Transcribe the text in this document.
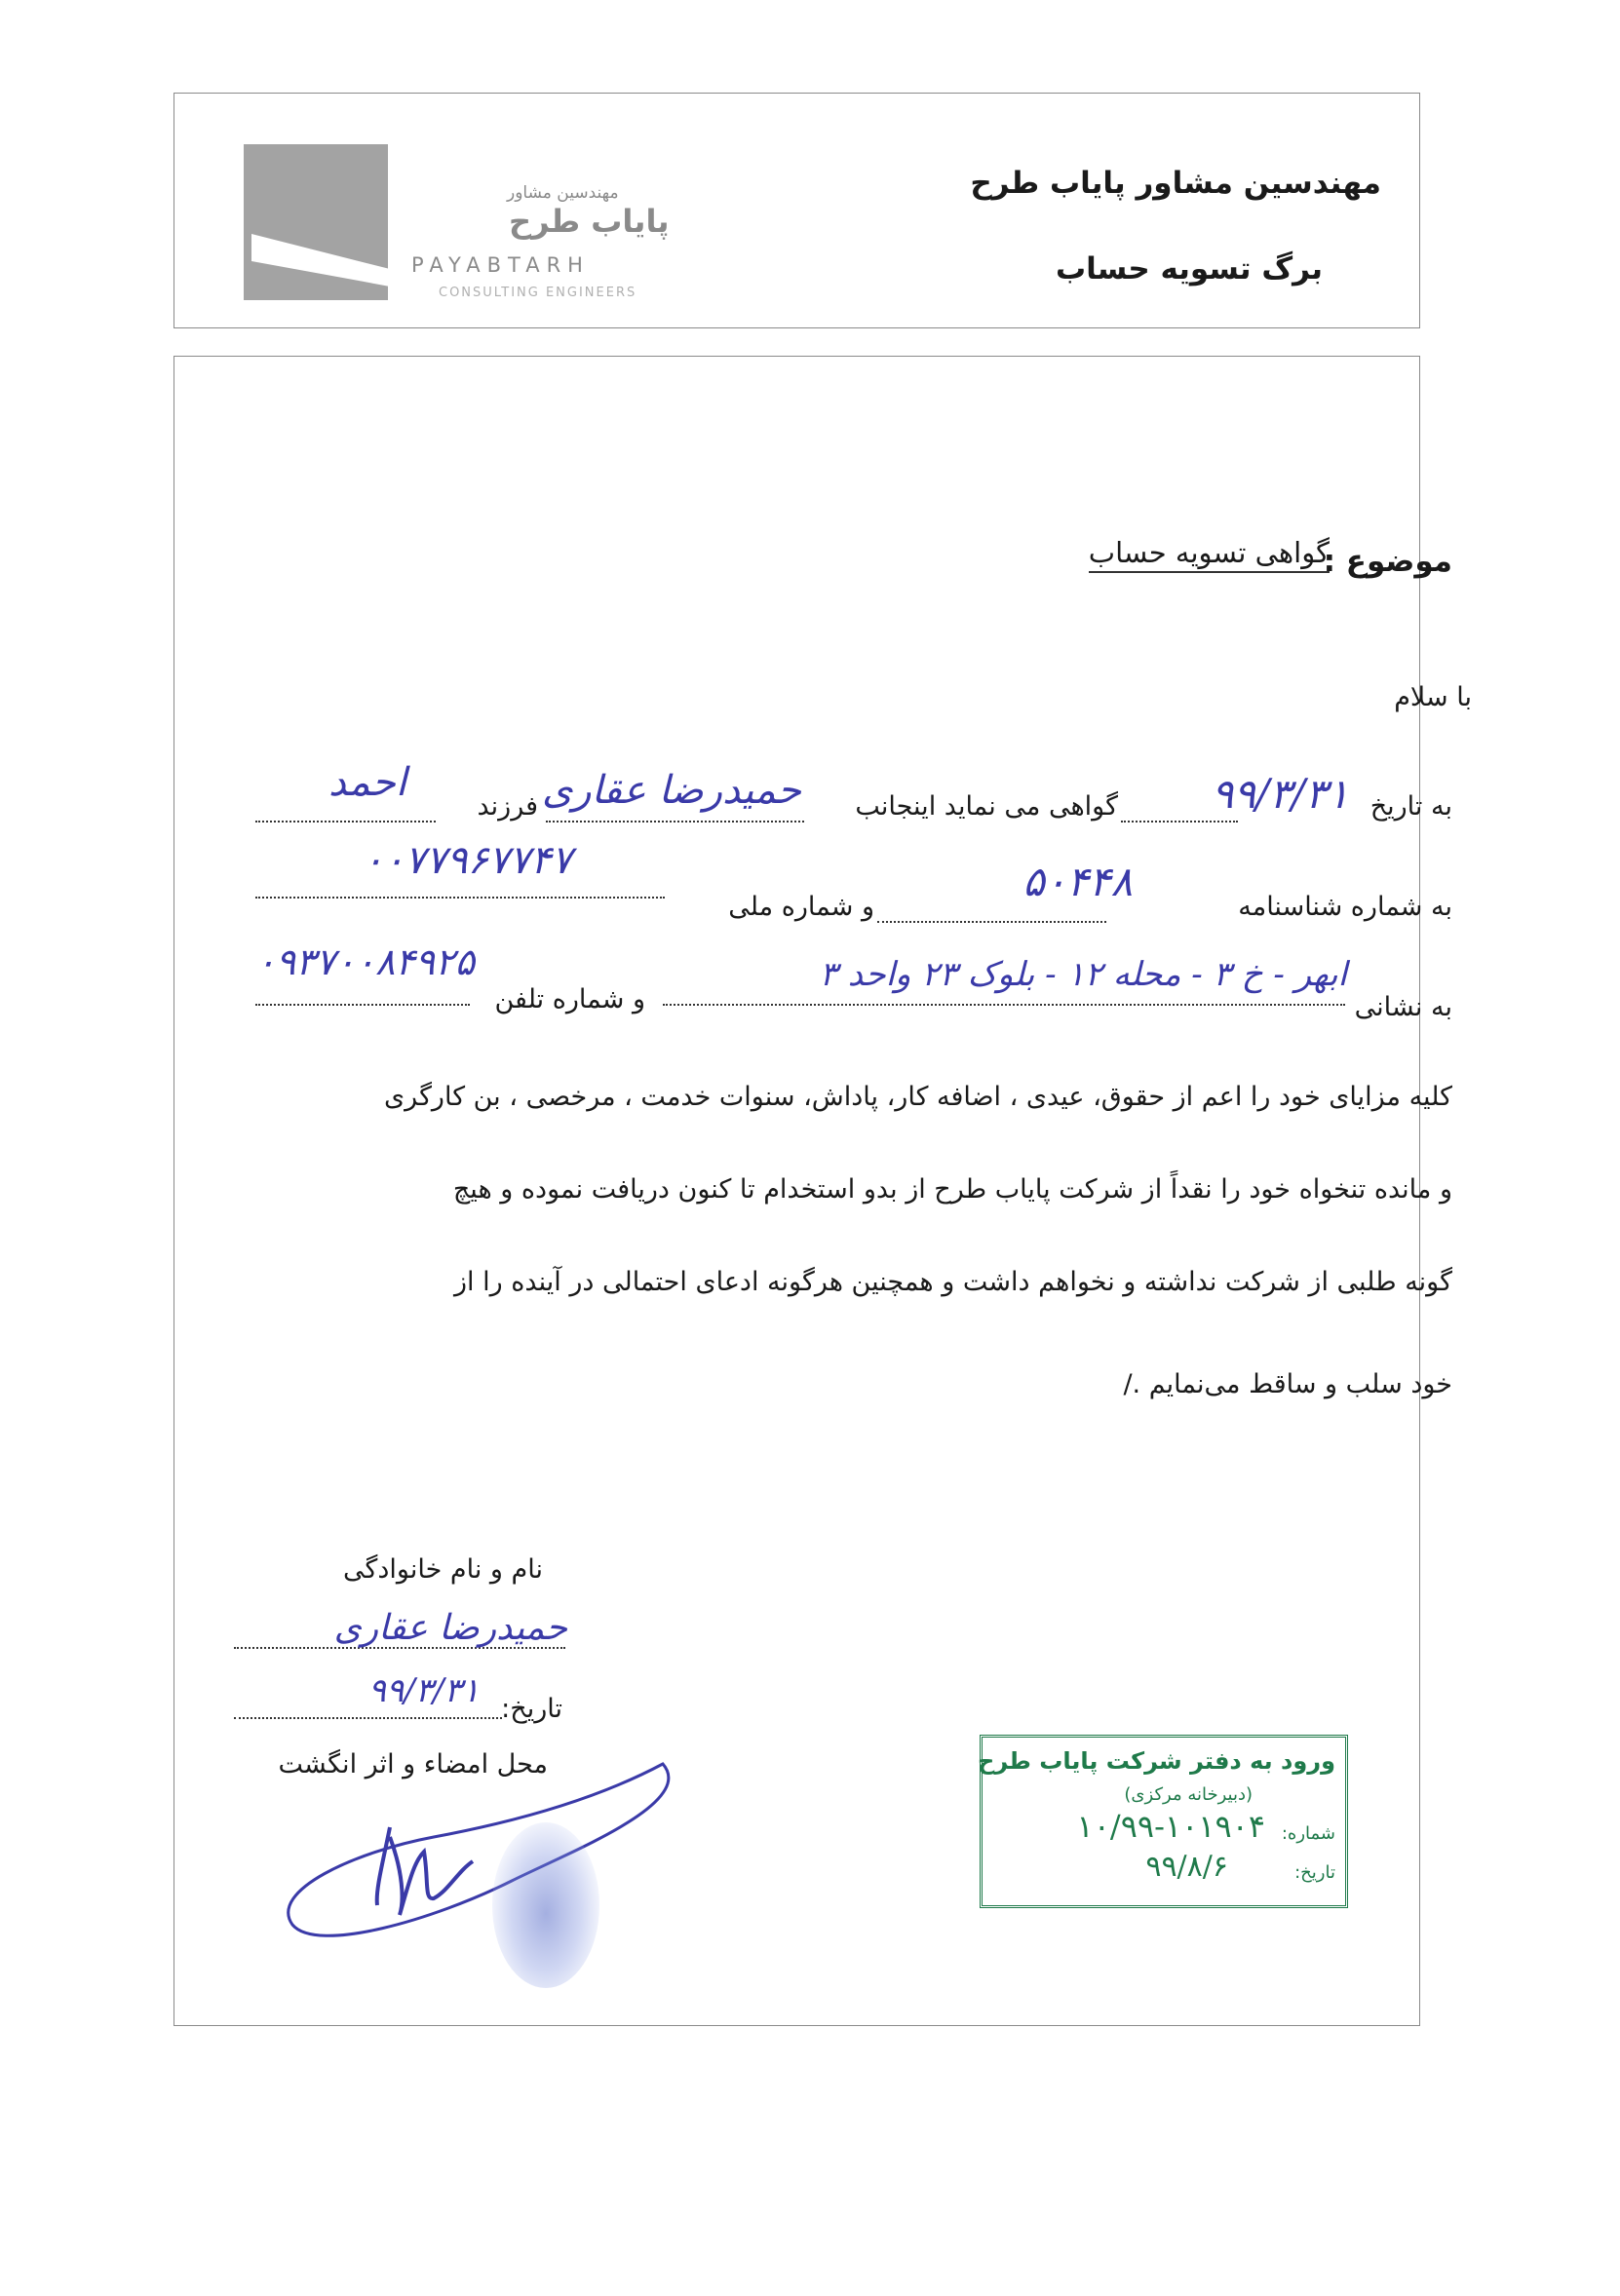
مهندسین مشاور
پایاب طرح
PAYABTARH
CONSULTING ENGINEERS
مهندسین مشاور پایاب طرح
برگ تسویه حساب
موضوع :
گواهی تسویه حساب
با سلام
به تاریخ
۹۹/۳/۳۱
گواهی می نماید اینجانب
حمیدرضا عقاری
فرزند
احمد
به شماره شناسنامه
۵۰۴۴۸
و شماره ملی
۰۰۷۷۹۶۷۷۴۷
به نشانی
ابهر - خ ۳ - محله ۱۲ - بلوک ۲۳ واحد ۳
و شماره تلفن
۰۹۳۷۰۰۸۴۹۲۵
کلیه مزایای خود را اعم از حقوق، عیدی ، اضافه کار، پاداش، سنوات خدمت ، مرخصی ، بن کارگری
و مانده تنخواه خود را نقداً از شرکت پایاب طرح از بدو استخدام تا کنون دریافت نموده و هیچ
گونه طلبی از شرکت نداشته و نخواهم داشت و همچنین هرگونه ادعای احتمالی در آینده را از
خود سلب و ساقط می‌نمایم ./
نام و نام خانوادگی
حمیدرضا عقاری
تاریخ:
۹۹/۳/۳۱
محل امضاء و اثر انگشت	ورود به دفتر شرکت پایاب طرح
(دبیرخانه مرکزی)
شماره:
۱۰/۹۹-۱۰۱۹۰۴
تاریخ:
۹۹/۸/۶
